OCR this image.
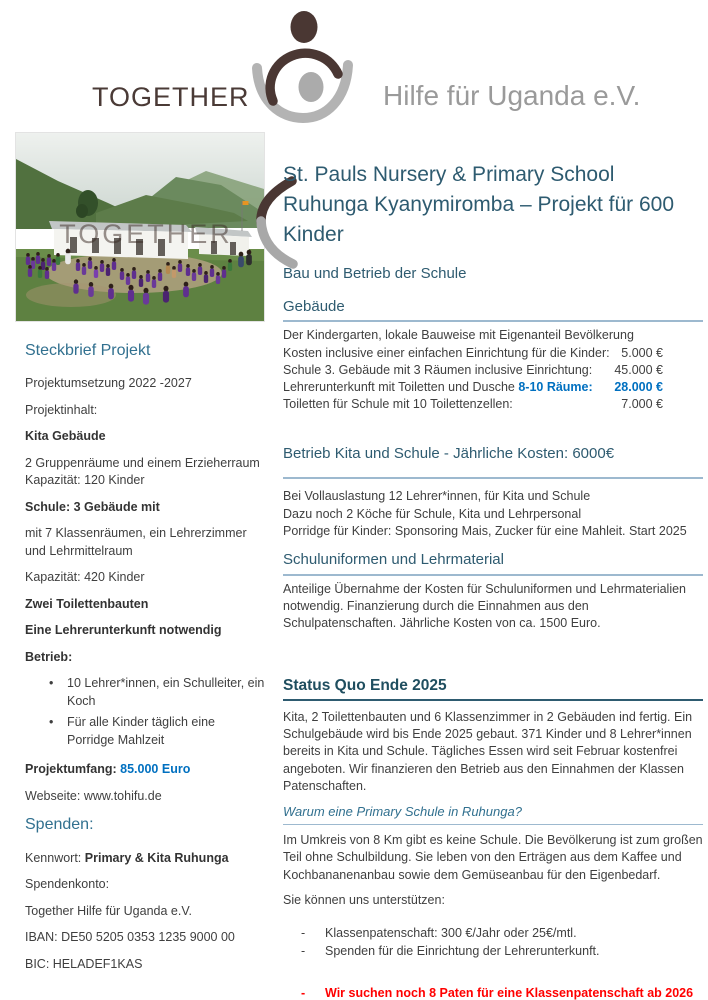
TOGETHER	Hilfe für Uganda e.V.
TOGETHER
Steckbrief Projekt

Projektumsetzung 2022 -2027

Projektinhalt:

Kita Gebäude

2 Gruppenräume und einem Erzieherraum
Kapazität: 120 Kinder

Schule: 3 Gebäude mit

mit 7 Klassenräumen, ein Lehrerzimmer und Lehrmittelraum

Kapazität: 420 Kinder

Zwei Toilettenbauten

Eine Lehrerunterkunft notwendig

Betrieb:

• 10 Lehrer*innen, ein Schulleiter, ein Koch
• Für alle Kinder täglich eine Porridge Mahlzeit

Projektumfang: 85.000 Euro

Webseite: www.tohifu.de

Spenden:

Kennwort: Primary & Kita Ruhunga

Spendenkonto:

Together Hilfe für Uganda e.V.

IBAN: DE50 5205 0353 1235 9000 00

BIC: HELADEF1KAS

St. Pauls Nursery & Primary School Ruhunga Kyanymiromba – Projekt für 600 Kinder
Bau und Betrieb der Schule
Gebäude
Der Kindergarten, lokale Bauweise mit Eigenanteil Bevölkerung
Kosten inclusive einer einfachen Einrichtung für die Kinder: 5.000 €
Schule 3. Gebäude mit 3 Räumen inclusive Einrichtung: 45.000 €
Lehrerunterkunft mit Toiletten und Dusche 8-10 Räume: 28.000 €
Toiletten für Schule mit 10 Toilettenzellen:	7.000 €
Betrieb Kita und Schule - Jährliche Kosten: 6000€

Bei Vollauslastung 12 Lehrer*innen, für Kita und Schule

Dazu noch 2 Köche für Schule, Kita und Lehrpersonal

Porridge für Kinder: Sponsoring Mais, Zucker für eine Mahleit. Start 2025

Schuluniformen und Lehrmaterial

Anteilige Übernahme der Kosten für Schuluniformen und Lehrmaterialien notwendig. Finanzierung durch die Einnahmen aus den Schulpatenschaften. Jährliche Kosten von ca. 1500 Euro.

Status Quo Ende 2025

Kita, 2 Toilettenbauten und 6 Klassenzimmer in 2 Gebäuden ind fertig. Ein Schulgebäude wird bis Ende 2025 gebaut. 371 Kinder und 8 Lehrer*innen bereits in Kita und Schule. Tägliches Essen wird seit Februar kostenfrei angeboten. Wir finanzieren den Betrieb aus den Einnahmen der Klassen Patenschaften.

Warum eine Primary Schule in Ruhunga?

Im Umkreis von 8 Km gibt es keine Schule. Die Bevölkerung ist zum großen Teil ohne Schulbildung. Sie leben von den Erträgen aus dem Kaffee und Kochbananenanbau sowie dem Gemüseanbau für den Eigenbedarf.

Sie können uns unterstützen:

- Klassenpatenschaft: 300 €/Jahr oder 25€/mtl.
- Spenden für die Einrichtung der Lehrerunterkunft.
- Wir suchen noch 8 Paten für eine Klassenpatenschaft ab 2026
